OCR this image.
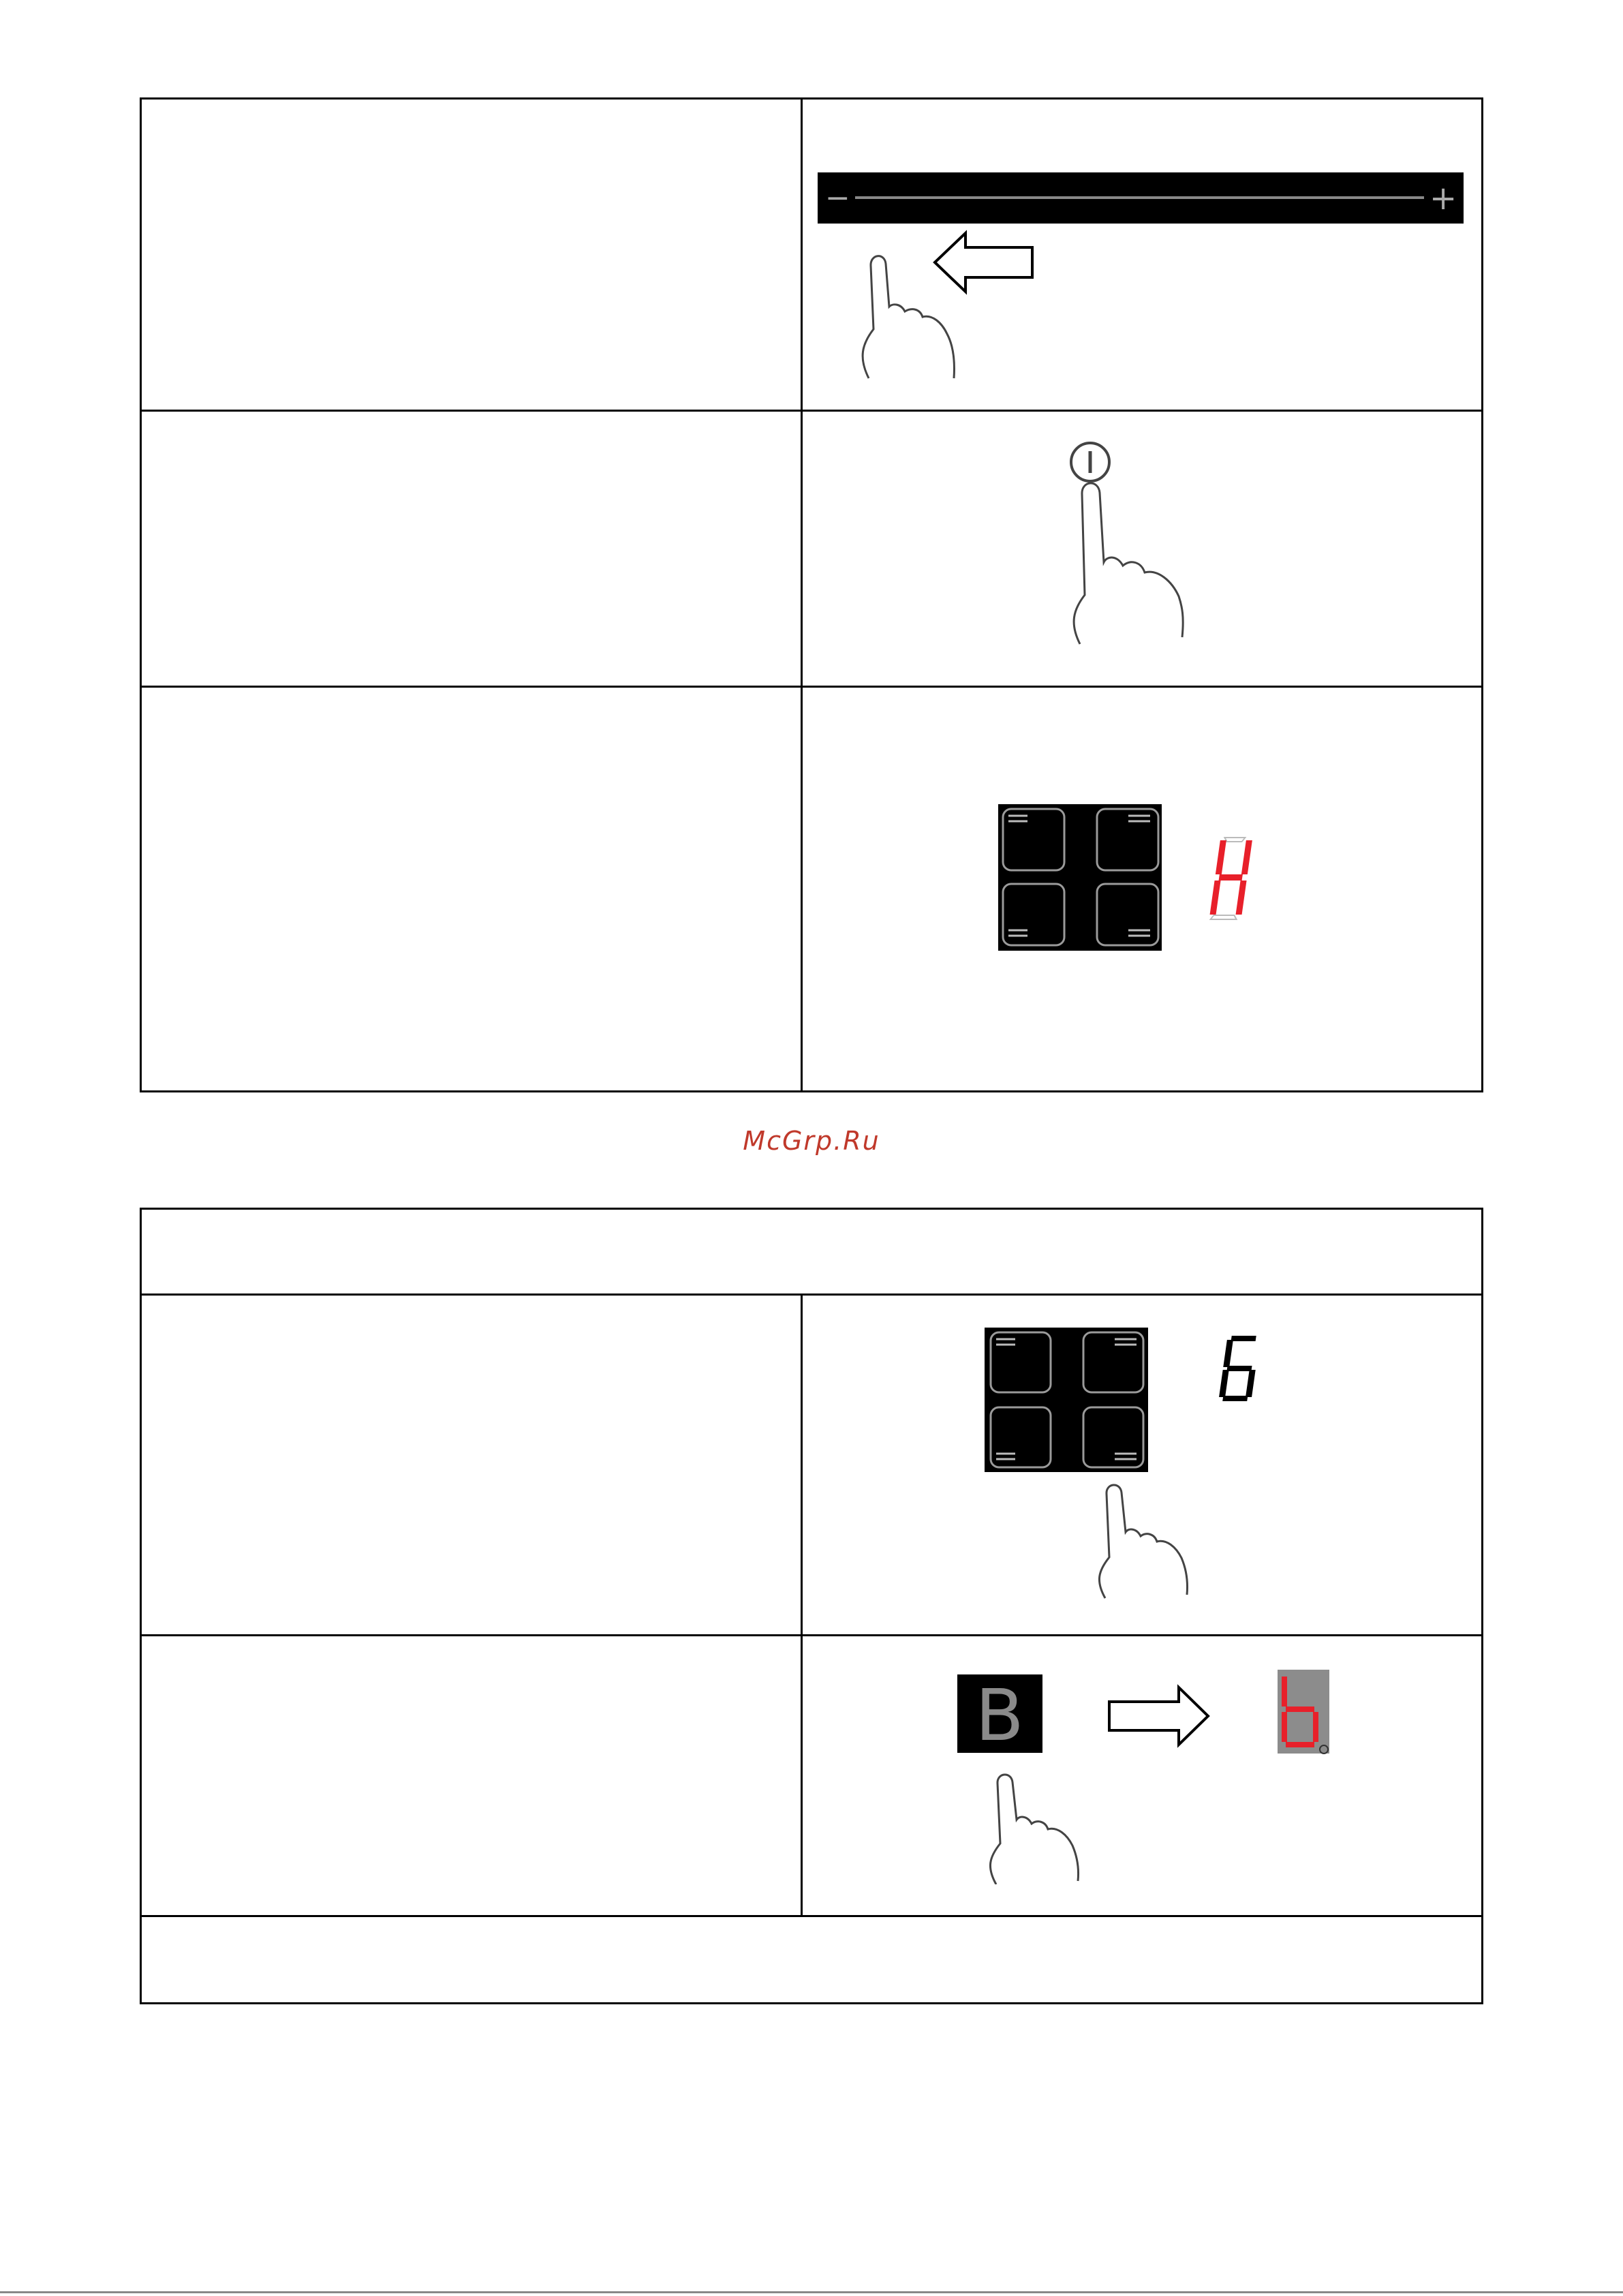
−	+
McGrp.Ru
B
